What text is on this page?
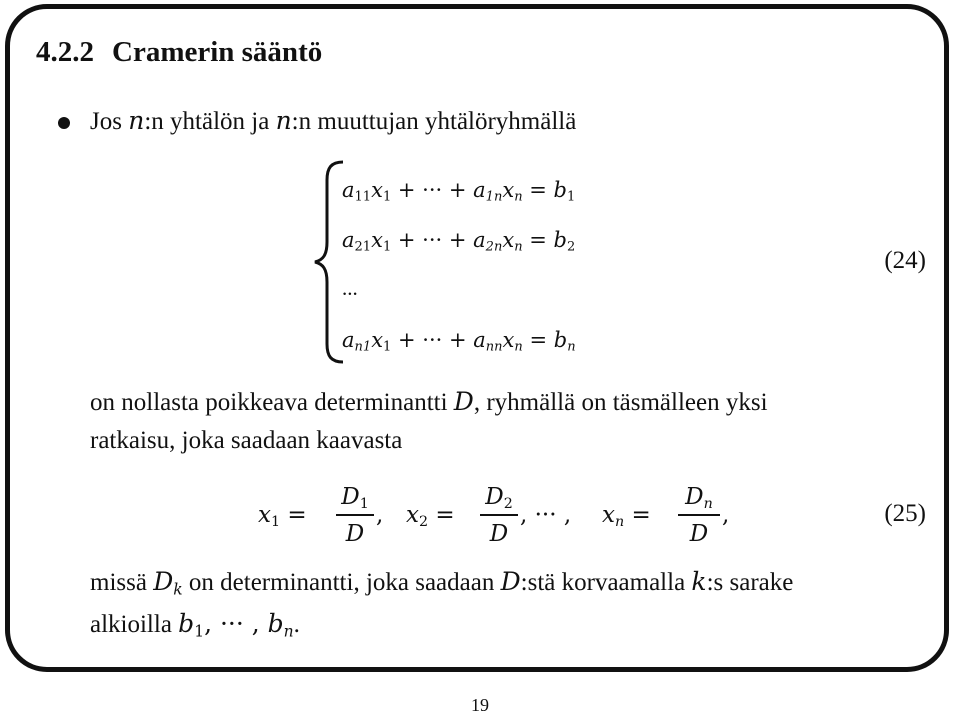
4.2.2 Cramerin sääntö
Jos n:n yhtälön ja n:n muuttujan yhtälöryhmällä
$a_{11}x_1$ + ··· + $a_{1n}x_n = b_1$
$a_{21}x_1$ + ··· + $a_{2n}x_n = b_2$
...
$a_{n1}x_1$ + ··· + $a_{nn}x_n = b_n$
(24)
on nollasta poikkeava determinantti D, ryhmällä on täsmälleen yksi
ratkaisu, joka saadaan kaavasta
$x_1$ =
$D_1$
D
, $x_2$ =
$D_2$
D
, ··· , $x_n$ =
$D_n$
D
,	(25)
missä $D_k$ on determinantti, joka saadaan D:stä korvaamalla k:s sarake
alkioilla $b_1$, ··· , $b_n$.
19
